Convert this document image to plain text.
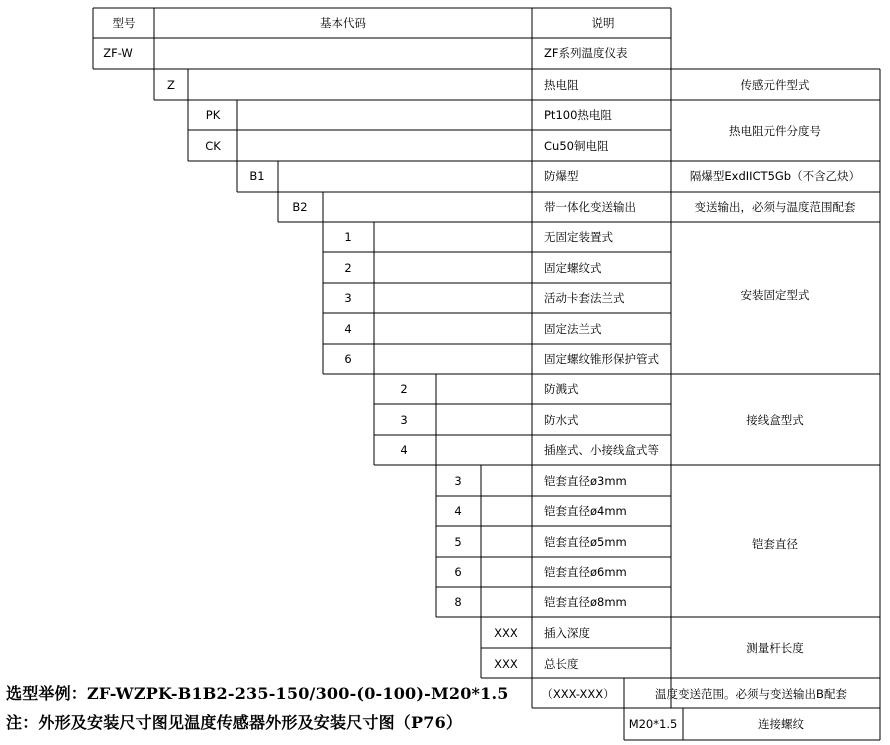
型号	基本代码	说明
ZF-W	ZF系列温度仪表
Z	热电阻	传感元件型式
PK	Pt100热电阻
CK	Cu50铜电阻
热电阻元件分度号
B1	防爆型	隔爆型ExdIICT5Gb（不含乙炔）
B2	带一体化变送输出	变送输出，必须与温度范围配套
1	无固定装置式
2	固定螺纹式
3	活动卡套法兰式
4	固定法兰式
6	固定螺纹锥形保护管式
安装固定型式
2	防溅式
3	防水式
4	插座式、小接线盒式等
接线盒型式
3	铠套直径ø3mm
4	铠套直径ø4mm
5	铠套直径ø5mm
6	铠套直径ø6mm
8	铠套直径ø8mm
铠套直径
XXX 插入深度
XXX 总长度
测量杆长度
（XXX-XXX）	温度变送范围。必须与变送输出B配套
M20*1.5	连接螺纹
选型举例：ZF-WZPK-B1B2-235-150/300-(0-100)-M20*1.5
注：外形及安装尺寸图见温度传感器外形及安装尺寸图（P76）
